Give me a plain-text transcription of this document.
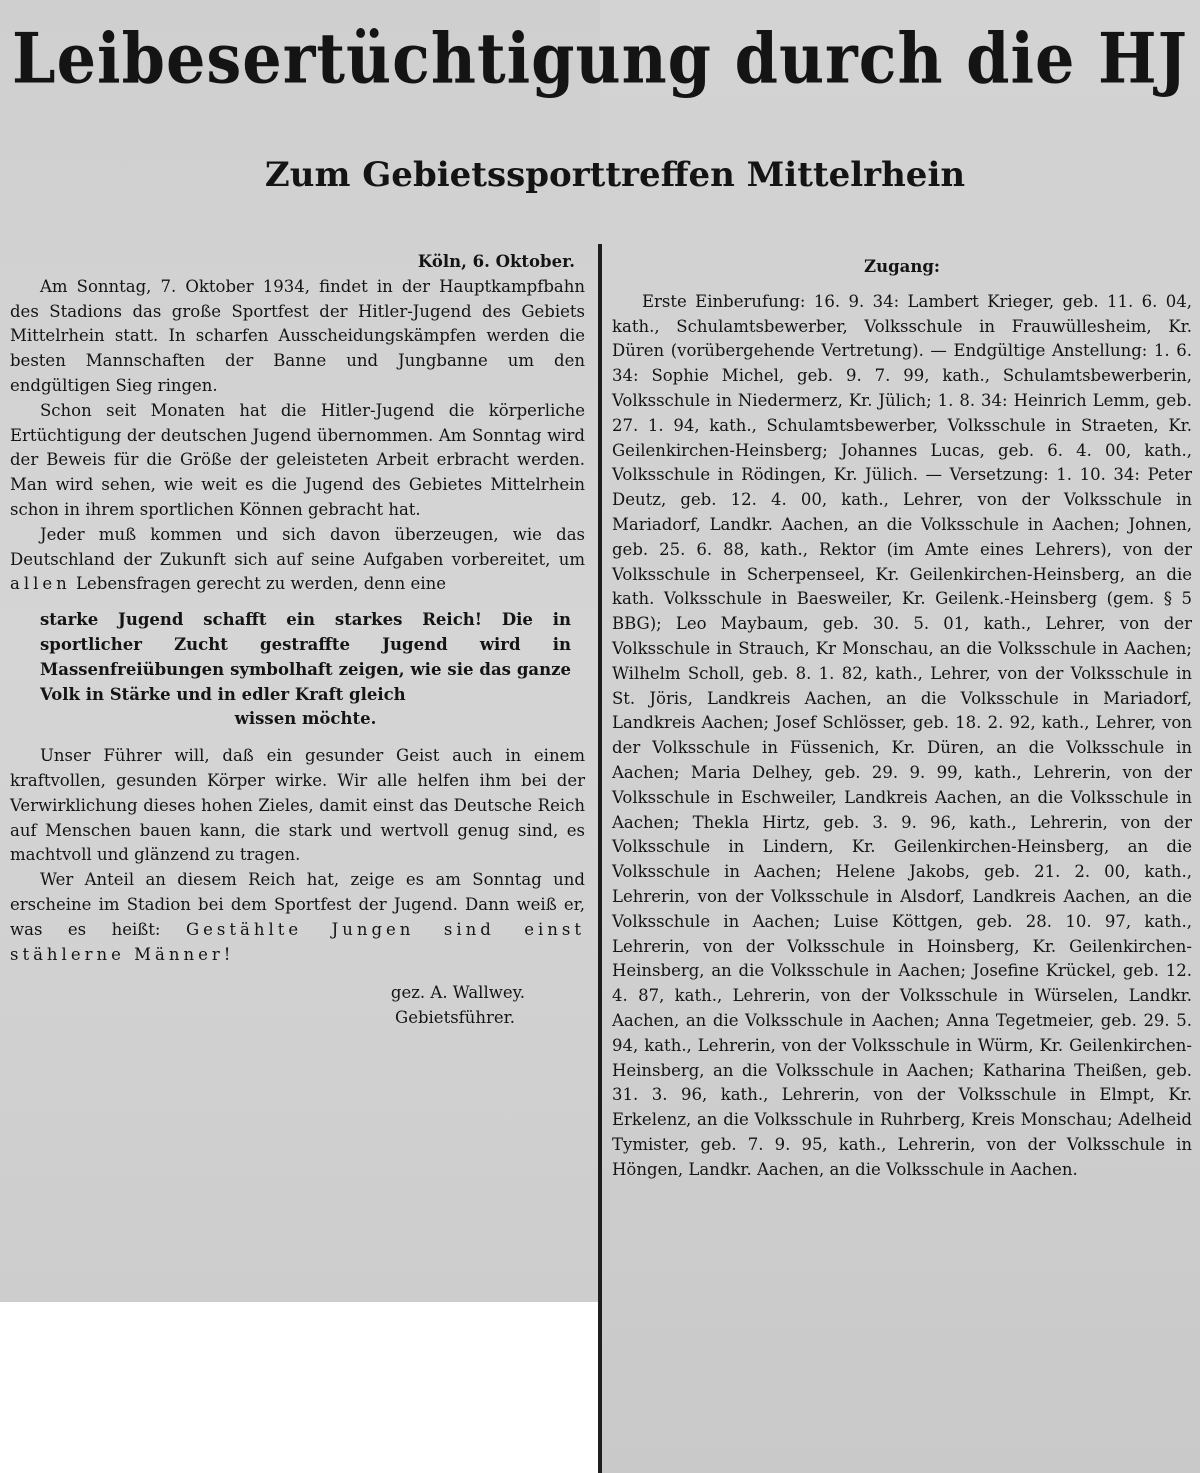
Leibesertüchtigung durch die HJ
Zum Gebietssporttreffen Mittelrhein

Köln, 6. Oktober.

Am Sonntag, 7. Oktober 1934, findet in der Hauptkampfbahn des Stadions das große Sportfest der Hitler-Jugend des Gebiets Mittelrhein statt. In scharfen Ausscheidungskämpfen werden die besten Mannschaften der Banne und Jungbanne um den endgültigen Sieg ringen.

Schon seit Monaten hat die Hitler-Jugend die körperliche Ertüchtigung der deutschen Jugend übernommen. Am Sonntag wird der Beweis für die Größe der geleisteten Arbeit erbracht werden. Man wird sehen, wie weit es die Jugend des Gebietes Mittelrhein schon in ihrem sportlichen Können gebracht hat.

Jeder muß kommen und sich davon überzeugen, wie das Deutschland der Zukunft sich auf seine Aufgaben vorbereitet, um allen Lebensfragen gerecht zu werden, denn eine

starke Jugend schafft ein starkes Reich! Die in sportlicher Zucht gestraffte Jugend wird in Massenfreiübungen symbolhaft zeigen, wie sie das ganze Volk in Stärke und in edler Kraft gleich
wissen möchte.

Unser Führer will, daß ein gesunder Geist auch in einem kraftvollen, gesunden Körper wirke. Wir alle helfen ihm bei der Verwirklichung dieses hohen Zieles, damit einst das Deutsche Reich auf Menschen bauen kann, die stark und wertvoll genug sind, es machtvoll und glänzend zu tragen.

Wer Anteil an diesem Reich hat, zeige es am Sonntag und erscheine im Stadion bei dem Sportfest der Jugend. Dann weiß er, was es heißt: Gestählte Jungen sind einst stählerne Männer!

gez. A. Wallwey.

Gebietsführer.

Zugang:

Erste Einberufung: 16. 9. 34: Lambert Krieger, geb. 11. 6. 04, kath., Schulamtsbewerber, Volksschule in Frauwüllesheim, Kr. Düren (vorübergehende Vertretung). — Endgültige Anstellung: 1. 6. 34: Sophie Michel, geb. 9. 7. 99, kath., Schulamtsbewerberin, Volksschule in Niedermerz, Kr. Jülich; 1. 8. 34: Heinrich Lemm, geb. 27. 1. 94, kath., Schulamtsbewerber, Volksschule in Straeten, Kr. Geilenkirchen-Heinsberg; Johannes Lucas, geb. 6. 4. 00, kath., Volksschule in Rödingen, Kr. Jülich. — Versetzung: 1. 10. 34: Peter Deutz, geb. 12. 4. 00, kath., Lehrer, von der Volksschule in Mariadorf, Landkr. Aachen, an die Volksschule in Aachen; Johnen, geb. 25. 6. 88, kath., Rektor (im Amte eines Lehrers), von der Volksschule in Scherpenseel, Kr. Geilenkirchen-Heinsberg, an die kath. Volksschule in Baesweiler, Kr. Geilenk.-Heinsberg (gem. § 5 BBG); Leo Maybaum, geb. 30. 5. 01, kath., Lehrer, von der Volksschule in Strauch, Kr Monschau, an die Volksschule in Aachen; Wilhelm Scholl, geb. 8. 1. 82, kath., Lehrer, von der Volksschule in St. Jöris, Landkreis Aachen, an die Volksschule in Mariadorf, Landkreis Aachen; Josef Schlösser, geb. 18. 2. 92, kath., Lehrer, von der Volksschule in Füssenich, Kr. Düren, an die Volksschule in Aachen; Maria Delhey, geb. 29. 9. 99, kath., Lehrerin, von der Volksschule in Eschweiler, Landkreis Aachen, an die Volksschule in Aachen; Thekla Hirtz, geb. 3. 9. 96, kath., Lehrerin, von der Volksschule in Lindern, Kr. Geilenkirchen-Heinsberg, an die Volksschule in Aachen; Helene Jakobs, geb. 21. 2. 00, kath., Lehrerin, von der Volksschule in Alsdorf, Landkreis Aachen, an die Volksschule in Aachen; Luise Köttgen, geb. 28. 10. 97, kath., Lehrerin, von der Volksschule in Hoinsberg, Kr. Geilenkirchen-Heinsberg, an die Volksschule in Aachen; Josefine Krückel, geb. 12. 4. 87, kath., Lehrerin, von der Volksschule in Würselen, Landkr. Aachen, an die Volksschule in Aachen; Anna Tegetmeier, geb. 29. 5. 94, kath., Lehrerin, von der Volksschule in Würm, Kr. Geilenkirchen-Heinsberg, an die Volksschule in Aachen; Katharina Theißen, geb. 31. 3. 96, kath., Lehrerin, von der Volksschule in Elmpt, Kr. Erkelenz, an die Volksschule in Ruhrberg, Kreis Monschau; Adelheid Tymister, geb. 7. 9. 95, kath., Lehrerin, von der Volksschule in Höngen, Landkr. Aachen, an die Volksschule in Aachen.
